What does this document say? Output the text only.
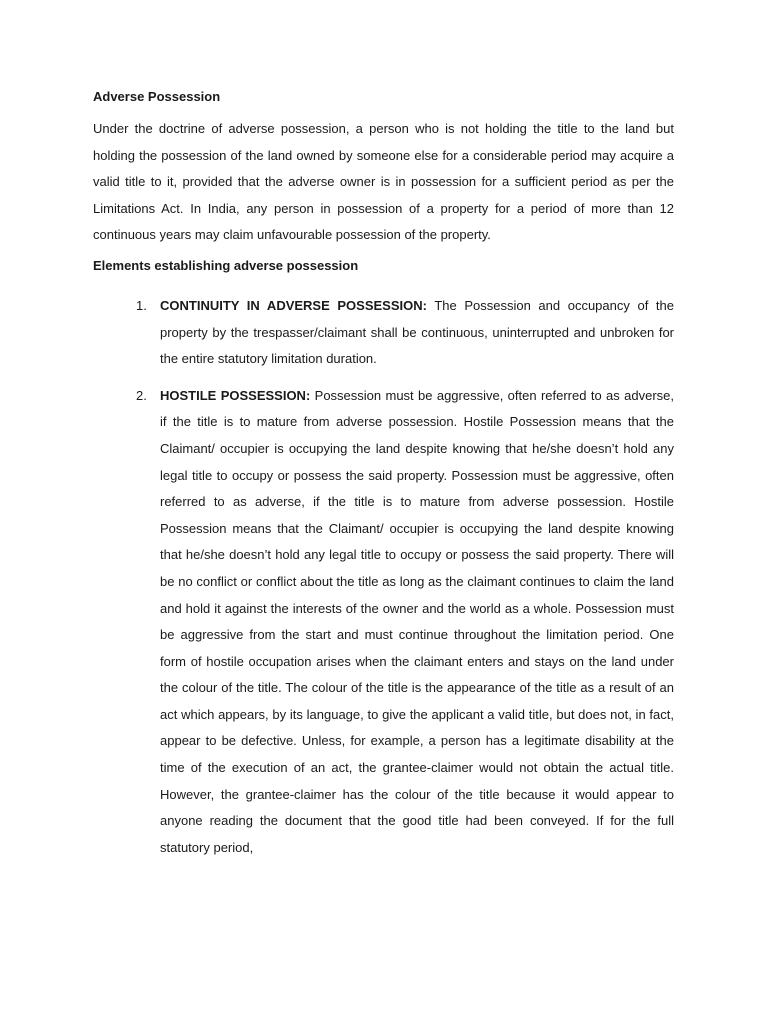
Adverse Possession

Under the doctrine of adverse possession, a person who is not holding the title to the land but holding the possession of the land owned by someone else for a considerable period may acquire a valid title to it, provided that the adverse owner is in possession for a sufficient period as per the Limitations Act. In India, any person in possession of a property for a period of more than 12 continuous years may claim unfavourable possession of the property.

Elements establishing adverse possession
1. CONTINUITY IN ADVERSE POSSESSION: The Possession and occupancy of the property by the trespasser/claimant shall be continuous, uninterrupted and unbroken for the entire statutory limitation duration.
2. HOSTILE POSSESSION: Possession must be aggressive, often referred to as adverse, if the title is to mature from adverse possession. Hostile Possession means that the Claimant/ occupier is occupying the land despite knowing that he/she doesn’t hold any legal title to occupy or possess the said property. Possession must be aggressive, often referred to as adverse, if the title is to mature from adverse possession. Hostile Possession means that the Claimant/ occupier is occupying the land despite knowing that he/she doesn’t hold any legal title to occupy or possess the said property. There will be no conflict or conflict about the title as long as the claimant continues to claim the land and hold it against the interests of the owner and the world as a whole. Possession must be aggressive from the start and must continue throughout the limitation period. One form of hostile occupation arises when the claimant enters and stays on the land under the colour of the title. The colour of the title is the appearance of the title as a result of an act which appears, by its language, to give the applicant a valid title, but does not, in fact, appear to be defective. Unless, for example, a person has a legitimate disability at the time of the execution of an act, the grantee-claimer would not obtain the actual title. However, the grantee-claimer has the colour of the title because it would appear to anyone reading the document that the good title had been conveyed. If for the full statutory period,
